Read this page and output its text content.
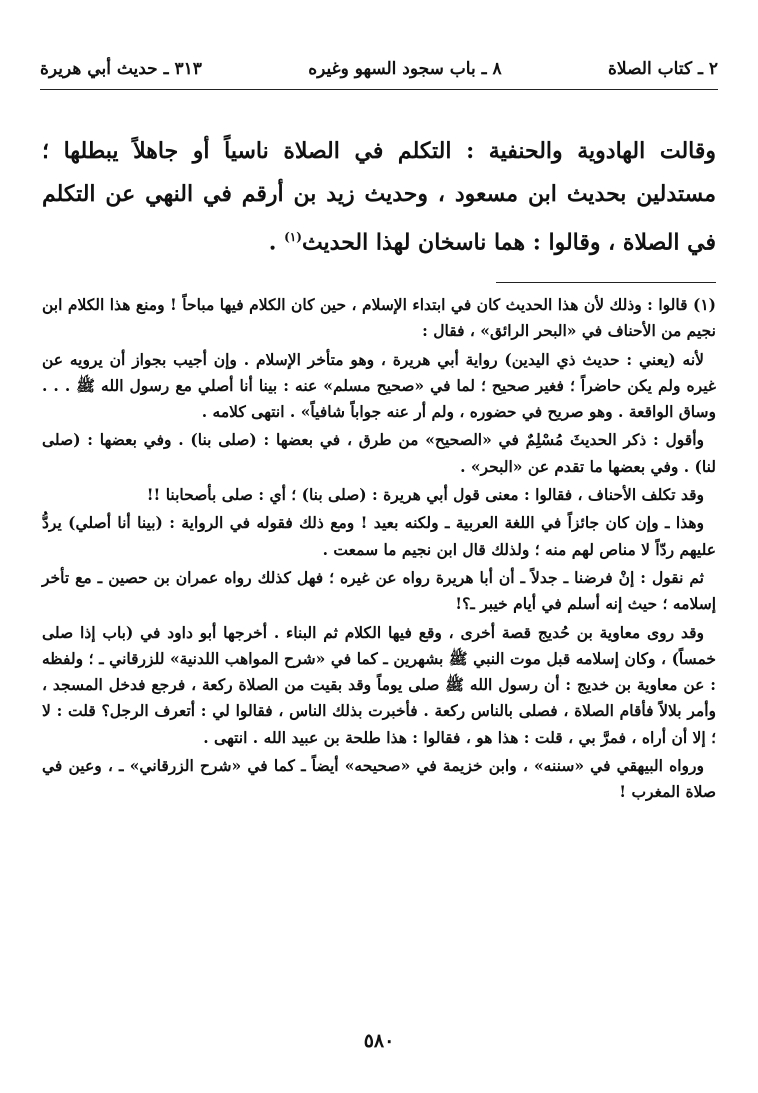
٢ ـ كتاب الصلاة
٨ ـ باب سجود السهو وغيره
٣١٣ ـ حديث أبي هريرة
وقالت الهادوية والحنفية : التكلم في الصلاة ناسياً أو جاهلاً يبطلها ؛ مستدلين بحديث ابن مسعود ، وحديث زيد بن أرقم في النهي عن التكلم في الصلاة ، وقالوا : هما ناسخان لهذا الحديث$^{(١)}$ .

(١) قالوا : وذلك لأن هذا الحديث كان في ابتداء الإسلام ، حين كان الكلام فيها مباحاً ! ومنع هذا الكلام ابن نجيم من الأحناف في «البحر الرائق» ، فقال :

لأنه (يعني : حديث ذي اليدين) رواية أبي هريرة ، وهو متأخر الإسلام . وإن أجيب بجواز أن يرويه عن غيره ولم يكن حاضراً ؛ فغير صحيح ؛ لما في «صحيح مسلم» عنه : بينا أنا أصلي مع رسول الله ﷺ . . . وساق الواقعة . وهو صريح في حضوره ، ولم أر عنه جواباً شافياً» . انتهى كلامه .

وأقول : ذكر الحديثَ مُسْلِمٌ في «الصحيح» من طرق ، في بعضها : (صلى بنا) . وفي بعضها : (صلى لنا) . وفي بعضها ما تقدم عن «البحر» .

وقد تكلف الأحناف ، فقالوا : معنى قول أبي هريرة : (صلى بنا) ؛ أي : صلى بأصحابنا !!

وهذا ـ وإن كان جائزاً في اللغة العربية ـ ولكنه بعيد ! ومع ذلك فقوله في الرواية : (بينا أنا أصلي) يردُّ عليهم ردّاً لا مناص لهم منه ؛ ولذلك قال ابن نجيم ما سمعت .

ثم نقول : إنْ فرضنا ـ جدلاً ـ أن أبا هريرة رواه عن غيره ؛ فهل كذلك رواه عمران بن حصين ـ مع تأخر إسلامه ؛ حيث إنه أسلم في أيام خيبر ـ؟!

وقد روى معاوية بن حُديج قصة أخرى ، وقع فيها الكلام ثم البناء . أخرجها أبو داود في (باب إذا صلى خمساً) ، وكان إسلامه قبل موت النبي ﷺ بشهرين ـ كما في «شرح المواهب اللدنية» للزرقاني ـ ؛ ولفظه : عن معاوية بن خديج : أن رسول الله ﷺ صلى يوماً وقد بقيت من الصلاة ركعة ، فرجع فدخل المسجد ، وأمر بلالاً فأقام الصلاة ، فصلى بالناس ركعة . فأخبرت بذلك الناس ، فقالوا لي : أتعرف الرجل؟ قلت : لا ؛ إلا أن أراه ، فمرَّ بي ، قلت : هذا هو ، فقالوا : هذا طلحة بن عبيد الله . انتهى .

ورواه البيهقي في «سننه» ، وابن خزيمة في «صحيحه» أيضاً ـ كما في «شرح الزرقاني» ـ ، وعين في صلاة المغرب !

٥٨٠
